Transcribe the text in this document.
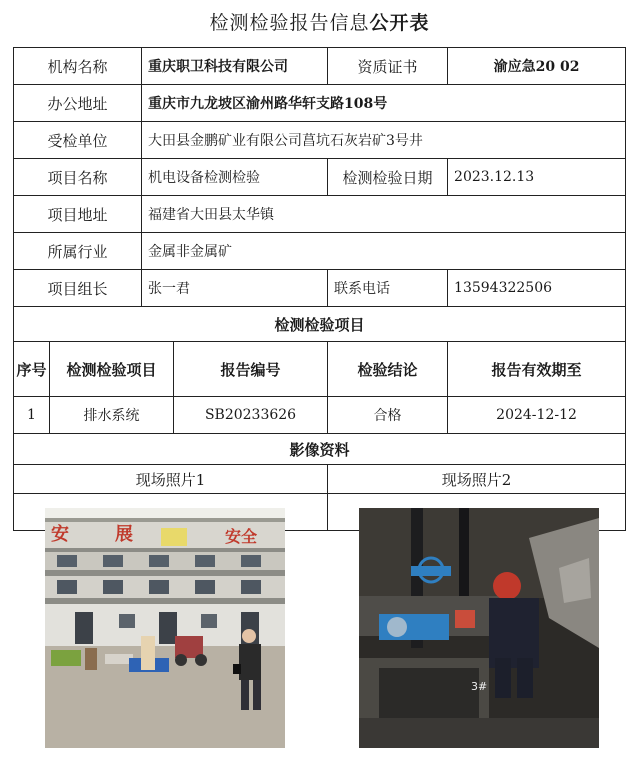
检测检验报告信息公开表
机构名称		重庆职卫科技有限公司		资质证书	渝应急20 02
办公地址		重庆市九龙坡区渝州路华轩支路108号			
受检单位		大田县金鹏矿业有限公司菖坑石灰岩矿3号井			
项目名称		机电设备检测检验		检测检验日期	2023.12.13
项目地址		福建省大田县太华镇			
所属行业		金属非金属矿			
项目组长		张一君		联系电话	13594322506
检测检验项目					
序号	检测检验项目		报告编号	检验结论	报告有效期至
1	排水系统		SB20233626	合格	2024-12-12
影像资料					
现场照片1				现场照片2	

安 展 安全				3#	
